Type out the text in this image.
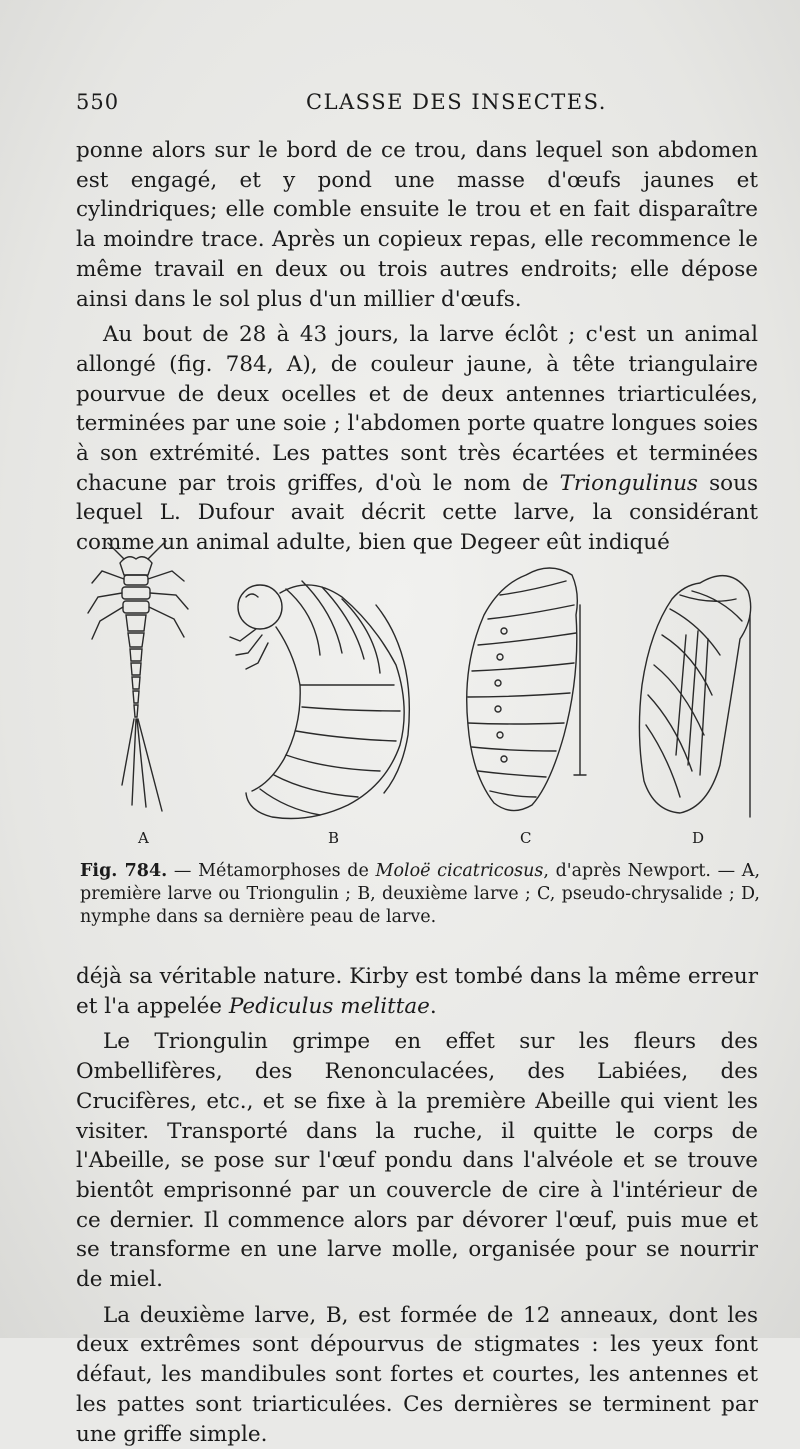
550	CLASSE DES INSECTES.

ponne alors sur le bord de ce trou, dans lequel son abdomen est engagé, et y pond une masse d'œufs jaunes et cylindriques; elle comble ensuite le trou et en fait disparaître la moindre trace. Après un copieux repas, elle recommence le même travail en deux ou trois autres endroits; elle dépose ainsi dans le sol plus d'un millier d'œufs.

Au bout de 28 à 43 jours, la larve éclôt ; c'est un animal allongé (fig. 784, A), de couleur jaune, à tête triangulaire pourvue de deux ocelles et de deux antennes triarticulées, terminées par une soie ; l'abdomen porte quatre longues soies à son extrémité. Les pattes sont très écartées et terminées chacune par trois griffes, d'où le nom de Triongulinus sous lequel L. Dufour avait décrit cette larve, la considérant comme un animal adulte, bien que Degeer eût indiqué

A	B	C	D
Fig. 784. — Métamorphoses de Moloë cicatricosus, d'après Newport. — A, première larve ou Triongulin ; B, deuxième larve ; C, pseudo-chrysalide ; D, nymphe dans sa dernière peau de larve.

déjà sa véritable nature. Kirby est tombé dans la même erreur et l'a appelée Pediculus melittae.

Le Triongulin grimpe en effet sur les fleurs des Ombellifères, des Renonculacées, des Labiées, des Crucifères, etc., et se fixe à la première Abeille qui vient les visiter. Transporté dans la ruche, il quitte le corps de l'Abeille, se pose sur l'œuf pondu dans l'alvéole et se trouve bientôt emprisonné par un couvercle de cire à l'intérieur de ce dernier. Il commence alors par dévorer l'œuf, puis mue et se transforme en une larve molle, organisée pour se nourrir de miel.

La deuxième larve, B, est formée de 12 anneaux, dont les deux extrêmes sont dépourvus de stigmates : les yeux font défaut, les mandibules sont fortes et courtes, les antennes et les pattes sont triarticulées. Ces dernières se terminent par une griffe simple.
